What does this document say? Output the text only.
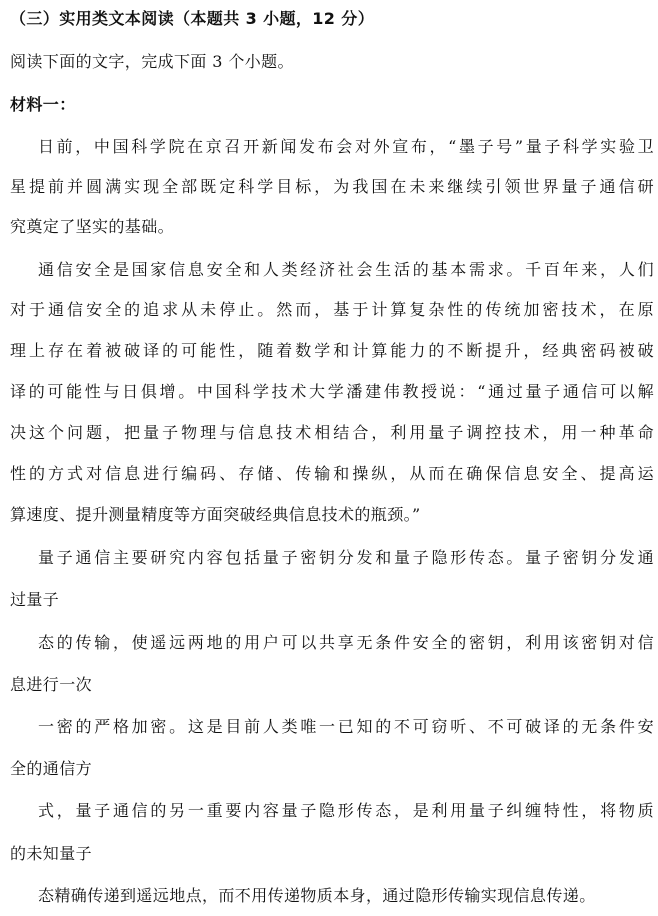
（三）实用类文本阅读（本题共 3 小题，12 分）
阅读下面的文字，完成下面 3 个小题。
材料一：
日前，中国科学院在京召开新闻发布会对外宣布，“墨子号”量子科学实验卫
星提前并圆满实现全部既定科学目标，为我国在未来继续引领世界量子通信研
究奠定了坚实的基础。
通信安全是国家信息安全和人类经济社会生活的基本需求。千百年来，人们
对于通信安全的追求从未停止。然而，基于计算复杂性的传统加密技术，在原
理上存在着被破译的可能性，随着数学和计算能力的不断提升，经典密码被破
译的可能性与日俱增。中国科学技术大学潘建伟教授说：“通过量子通信可以解
决这个问题，把量子物理与信息技术相结合，利用量子调控技术，用一种革命
性的方式对信息进行编码、存储、传输和操纵，从而在确保信息安全、提高运
算速度、提升测量精度等方面突破经典信息技术的瓶颈。”
量子通信主要研究内容包括量子密钥分发和量子隐形传态。量子密钥分发通
过量子
态的传输，使遥远两地的用户可以共享无条件安全的密钥，利用该密钥对信
息进行一次
一密的严格加密。这是目前人类唯一已知的不可窃听、不可破译的无条件安
全的通信方
式，量子通信的另一重要内容量子隐形传态，是利用量子纠缠特性，将物质
的未知量子
态精确传递到遥远地点，而不用传递物质本身，通过隐形传输实现信息传递。
